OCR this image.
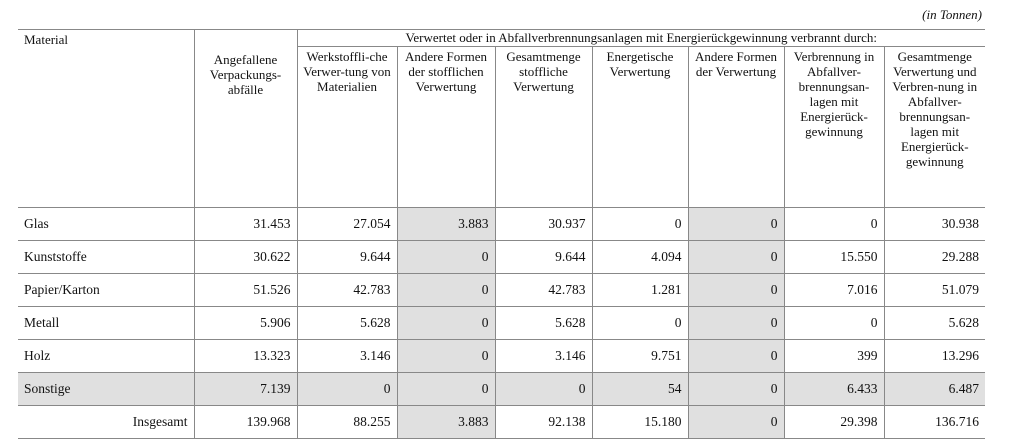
(in Tonnen)
Material	Angefallene Verpackungs-abfälle	Verwertet oder in Abfallverbrennungsanlagen mit Energierückgewinnung verbrannt durch:						
		Werkstoffli-che Verwer-tung von Materialien	Andere Formen der stofflichen Verwertung	Gesamtmenge stoffliche Verwertung	Energetische Verwertung	Andere Formen der Verwertung	Verbrennung in Abfallver-brennungsan-lagen mit Energierück-gewinnung	Gesamtmenge Verwertung und Verbren-nung in Abfallver-brennungsan-lagen mit Energierück-gewinnung
Glas	31.453	27.054	3.883	30.937	0	0	0	30.938
Kunststoffe	30.622	9.644	0	9.644	4.094	0	15.550	29.288
Papier/Karton	51.526	42.783	0	42.783	1.281	0	7.016	51.079
Metall	5.906	5.628	0	5.628	0	0	0	5.628
Holz	13.323	3.146	0	3.146	9.751	0	399	13.296
Sonstige	7.139	0	0	0	54	0	6.433	6.487
Insgesamt	139.968	88.255	3.883	92.138	15.180	0	29.398	136.716
